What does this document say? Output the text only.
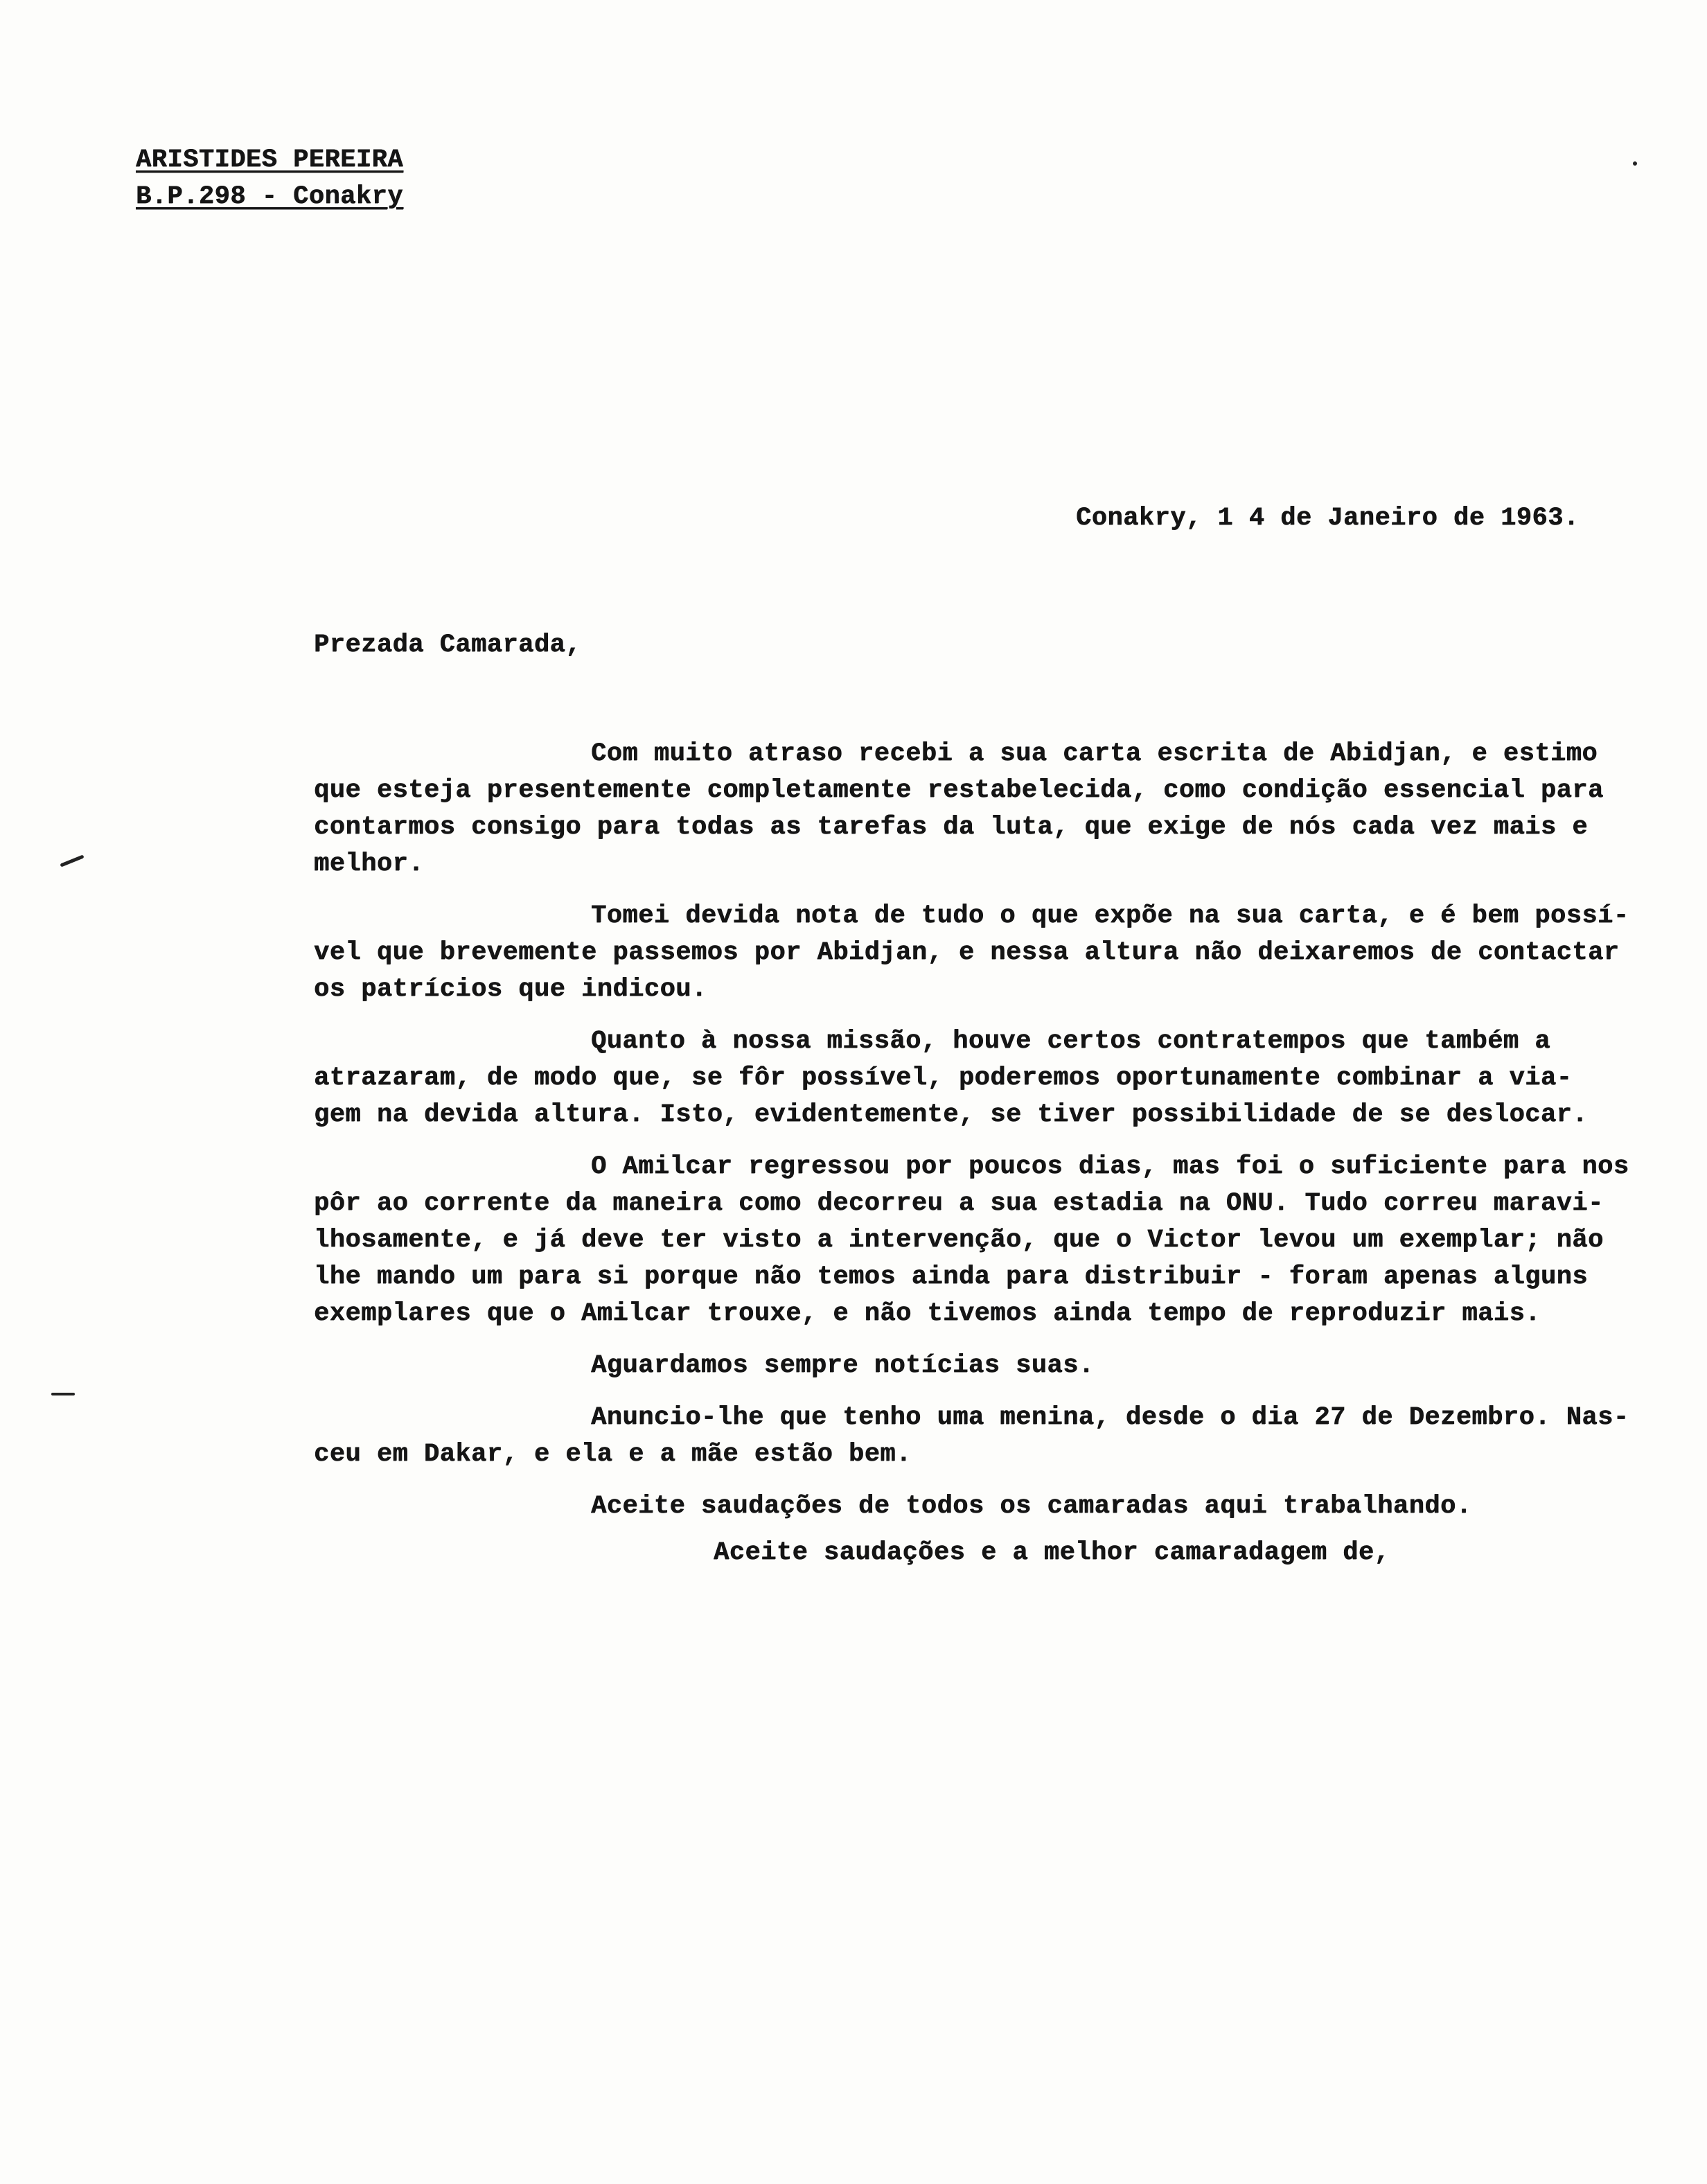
ARISTIDES PEREIRA
B.P.298 - Conakry
Conakry, 1 4 de Janeiro de 1963.
Prezada Camarada,
Com muito atraso recebi a sua carta escrita de Abidjan, e estimo
que esteja presentemente completamente restabelecida, como condição essencial para
contarmos consigo para todas as tarefas da luta, que exige de nós cada vez mais e
melhor.
Tomei devida nota de tudo o que expõe na sua carta, e é bem possí-
vel que brevemente passemos por Abidjan, e nessa altura não deixaremos de contactar
os patrícios que indicou.
Quanto à nossa missão, houve certos contratempos que também a
atrazaram, de modo que, se fôr possível, poderemos oportunamente combinar a via-
gem na devida altura. Isto, evidentemente, se tiver possibilidade de se deslocar.
O Amilcar regressou por poucos dias, mas foi o suficiente para nos
pôr ao corrente da maneira como decorreu a sua estadia na ONU. Tudo correu maravi-
lhosamente, e já deve ter visto a intervenção, que o Victor levou um exemplar; não
lhe mando um para si porque não temos ainda para distribuir - foram apenas alguns
exemplares que o Amilcar trouxe, e não tivemos ainda tempo de reproduzir mais.
Aguardamos sempre notícias suas.
Anuncio-lhe que tenho uma menina, desde o dia 27 de Dezembro. Nas-
ceu em Dakar, e ela e a mãe estão bem.
Aceite saudações de todos os camaradas aqui trabalhando.
Aceite saudações e a melhor camaradagem de,
